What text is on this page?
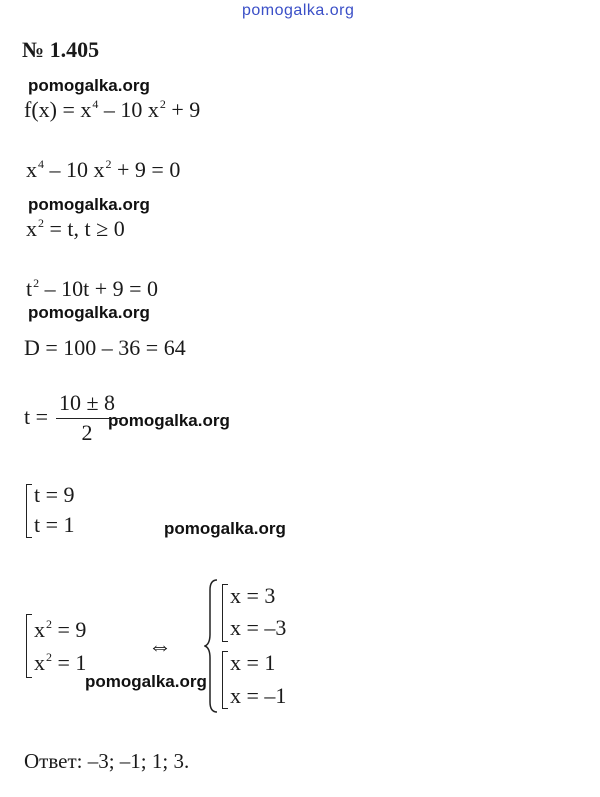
pomogalka.org
№ 1.405
pomogalka.org
pomogalka.org
pomogalka.org
pomogalka.org
pomogalka.org
pomogalka.org
$f(x) = x^4 - 10$ $x^2 + 9$
$x^4 - 10$ $x^2 + 9 = 0$
$x^2 = t$, t ≥ 0
$t^2 - 10t + 9 = 0$
D = 100 – 36 = 64
t =
10 ± 8
2
t = 9
t = 1
$x^2 = 9$
$x^2 = 1$
⇔
x = 3
x = –3
x = 1
x = –1
Ответ: –3; –1; 1; 3.
